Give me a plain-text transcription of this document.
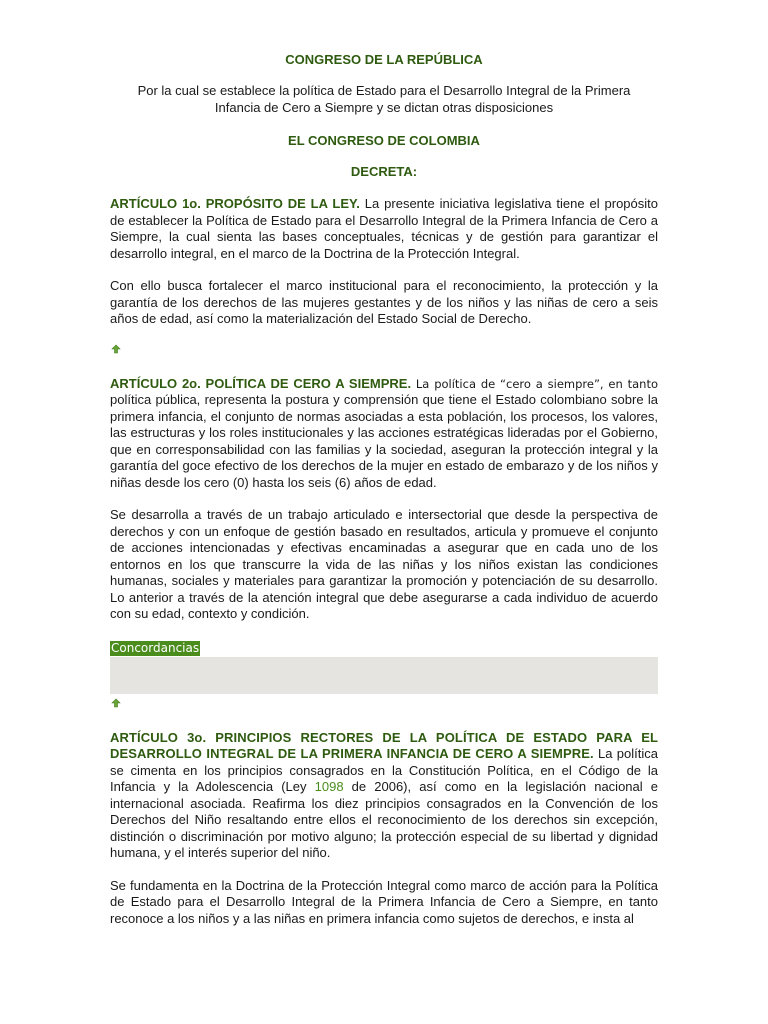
CONGRESO DE LA REPÚBLICA
Por la cual se establece la política de Estado para el Desarrollo Integral de la Primera
Infancia de Cero a Siempre y se dictan otras disposiciones
EL CONGRESO DE COLOMBIA
DECRETA:

ARTÍCULO 1o. PROPÓSITO DE LA LEY. La presente iniciativa legislativa tiene el propósito de establecer la Política de Estado para el Desarrollo Integral de la Primera Infancia de Cero a Siempre, la cual sienta las bases conceptuales, técnicas y de gestión para garantizar el desarrollo integral, en el marco de la Doctrina de la Protección Integral.

Con ello busca fortalecer el marco institucional para el reconocimiento, la protección y la garantía de los derechos de las mujeres gestantes y de los niños y las niñas de cero a seis años de edad, así como la materialización del Estado Social de Derecho.

ARTÍCULO 2o. POLÍTICA DE CERO A SIEMPRE. La política de “cero a siempre”, en tanto política pública, representa la postura y comprensión que tiene el Estado colombiano sobre la primera infancia, el conjunto de normas asociadas a esta población, los procesos, los valores, las estructuras y los roles institucionales y las acciones estratégicas lideradas por el Gobierno, que en corresponsabilidad con las familias y la sociedad, aseguran la protección integral y la garantía del goce efectivo de los derechos de la mujer en estado de embarazo y de los niños y niñas desde los cero (0) hasta los seis (6) años de edad.

Se desarrolla a través de un trabajo articulado e intersectorial que desde la perspectiva de derechos y con un enfoque de gestión basado en resultados, articula y promueve el conjunto de acciones intencionadas y efectivas encaminadas a asegurar que en cada uno de los entornos en los que transcurre la vida de las niñas y los niños existan las condiciones humanas, sociales y materiales para garantizar la promoción y potenciación de su desarrollo. Lo anterior a través de la atención integral que debe asegurarse a cada individuo de acuerdo con su edad, contexto y condición.

Concordancias

ARTÍCULO 3o. PRINCIPIOS RECTORES DE LA POLÍTICA DE ESTADO PARA EL DESARROLLO INTEGRAL DE LA PRIMERA INFANCIA DE CERO A SIEMPRE. La política se cimenta en los principios consagrados en la Constitución Política, en el Código de la Infancia y la Adolescencia (Ley 1098 de 2006), así como en la legislación nacional e internacional asociada. Reafirma los diez principios consagrados en la Convención de los Derechos del Niño resaltando entre ellos el reconocimiento de los derechos sin excepción, distinción o discriminación por motivo alguno; la protección especial de su libertad y dignidad humana, y el interés superior del niño.

Se fundamenta en la Doctrina de la Protección Integral como marco de acción para la Política de Estado para el Desarrollo Integral de la Primera Infancia de Cero a Siempre, en tanto reconoce a los niños y a las niñas en primera infancia como sujetos de derechos, e insta al
